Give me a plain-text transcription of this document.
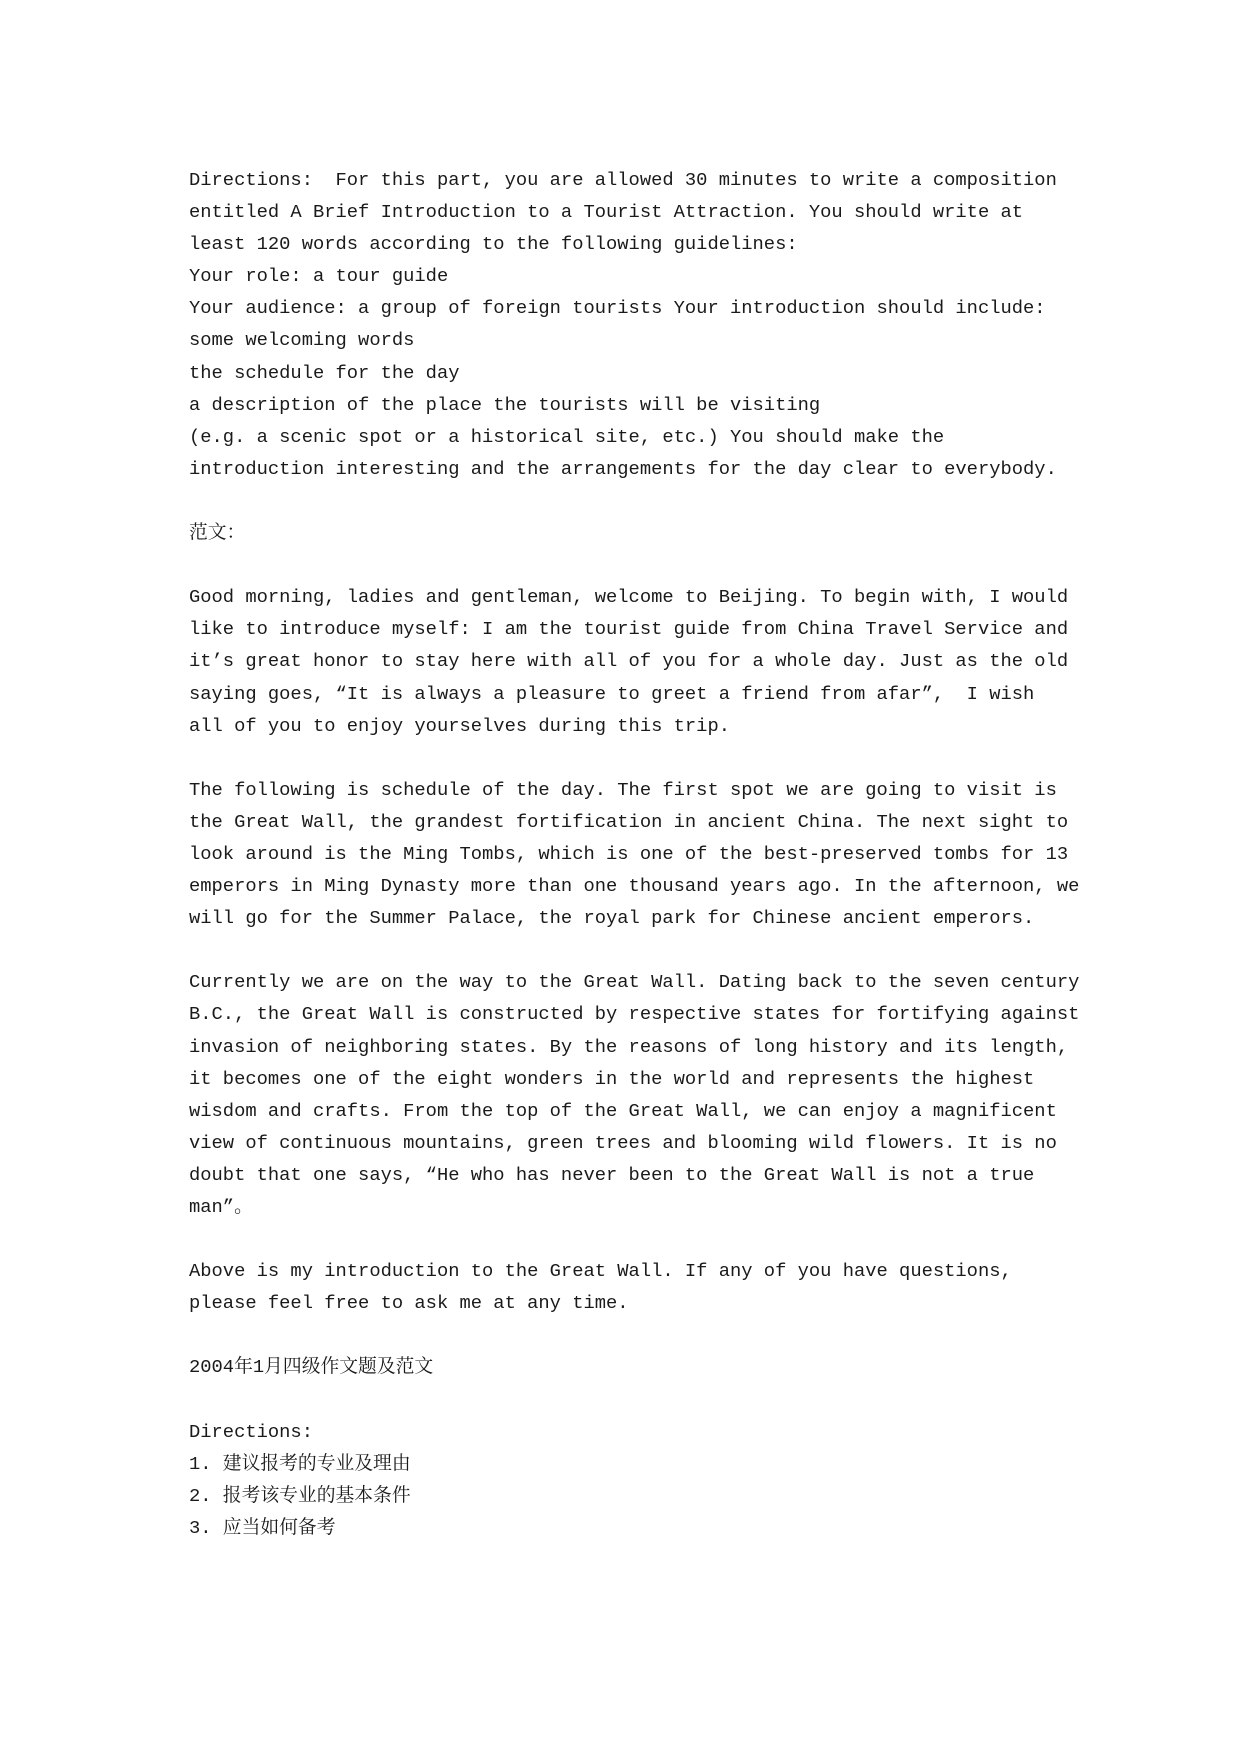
Directions:  For this part, you are allowed 30 minutes to write a composition
entitled A Brief Introduction to a Tourist Attraction. You should write at
least 120 words according to the following guidelines:
Your role: a tour guide
Your audience: a group of foreign tourists Your introduction should include:
some welcoming words
the schedule for the day
a description of the place the tourists will be visiting
(e.g. a scenic spot or a historical site, etc.) You should make the
introduction interesting and the arrangements for the day clear to everybody.
范文：
Good morning, ladies and gentleman, welcome to Beijing. To begin with, I would
like to introduce myself: I am the tourist guide from China Travel Service and
it’s great honor to stay here with all of you for a whole day. Just as the old
saying goes, “It is always a pleasure to greet a friend from afar”,  I wish
all of you to enjoy yourselves during this trip.
The following is schedule of the day. The first spot we are going to visit is
the Great Wall, the grandest fortification in ancient China. The next sight to
look around is the Ming Tombs, which is one of the best-preserved tombs for 13
emperors in Ming Dynasty more than one thousand years ago. In the afternoon, we
will go for the Summer Palace, the royal park for Chinese ancient emperors.
Currently we are on the way to the Great Wall. Dating back to the seven century
B.C., the Great Wall is constructed by respective states for fortifying against
invasion of neighboring states. By the reasons of long history and its length,
it becomes one of the eight wonders in the world and represents the highest
wisdom and crafts. From the top of the Great Wall, we can enjoy a magnificent
view of continuous mountains, green trees and blooming wild flowers. It is no
doubt that one says, “He who has never been to the Great Wall is not a true
man”。
Above is my introduction to the Great Wall. If any of you have questions,
please feel free to ask me at any time.
2004年1月四级作文题及范文
Directions:
1. 建议报考的专业及理由
2. 报考该专业的基本条件
3. 应当如何备考
